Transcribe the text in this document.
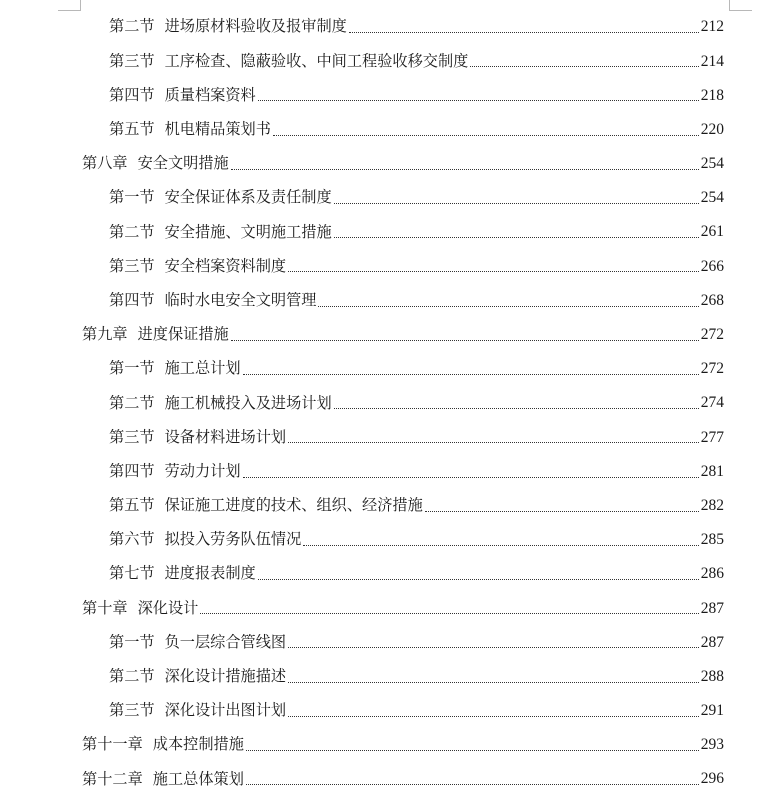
第二节 进场原材料验收及报审制度	212
第三节 工序检查、隐蔽验收、中间工程验收移交制度	214
第四节 质量档案资料	218
第五节 机电精品策划书	220
第八章 安全文明措施	254
第一节 安全保证体系及责任制度	254
第二节 安全措施、文明施工措施	261
第三节 安全档案资料制度	266
第四节 临时水电安全文明管理	268
第九章 进度保证措施	272
第一节 施工总计划	272
第二节 施工机械投入及进场计划	274
第三节 设备材料进场计划	277
第四节 劳动力计划	281
第五节 保证施工进度的技术、组织、经济措施	282
第六节 拟投入劳务队伍情况	285
第七节 进度报表制度	286
第十章 深化设计	287
第一节 负一层综合管线图	287
第二节 深化设计措施描述	288
第三节 深化设计出图计划	291
第十一章 成本控制措施	293
第十二章 施工总体策划	296
